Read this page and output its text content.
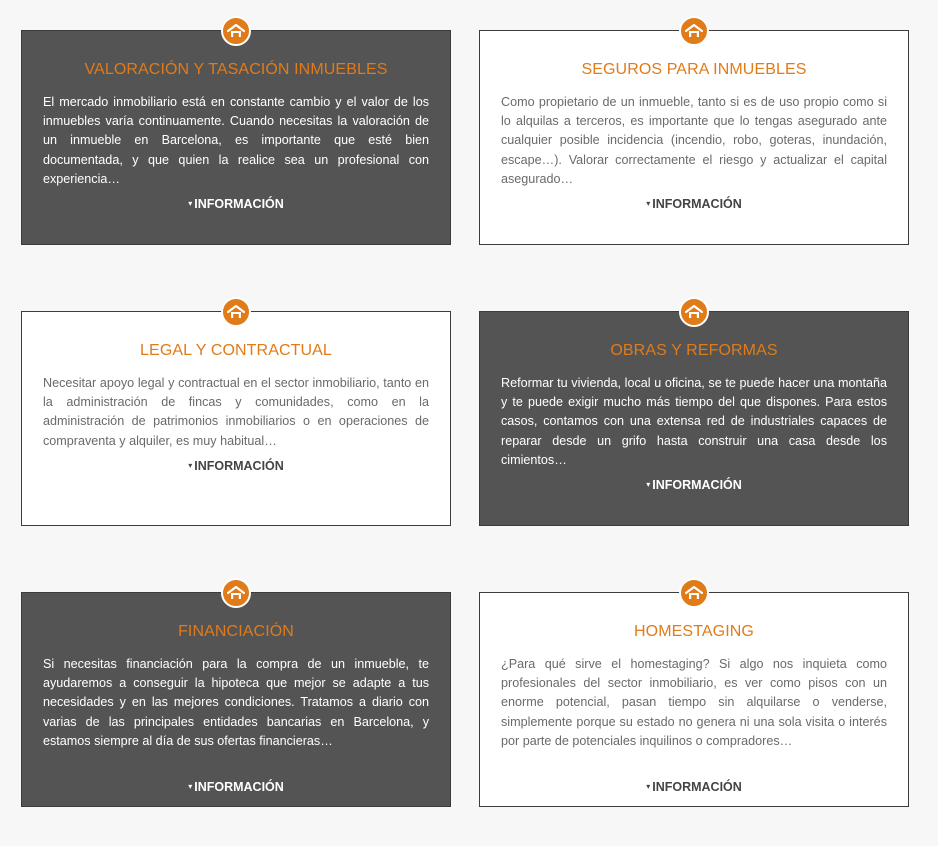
VALORACIÓN Y TASACIÓN INMUEBLES

El mercado inmobiliario está en constante cambio y el valor de los inmuebles varía continuamente. Cuando necesitas la valoración de un inmueble en Barcelona, es importante que esté bien documentada, y que quien la realice sea un profesional con experiencia…

▾ INFORMACIÓN
SEGUROS PARA INMUEBLES

Como propietario de un inmueble, tanto si es de uso propio como si lo alquilas a terceros, es importante que lo tengas asegurado ante cualquier posible incidencia (incendio, robo, goteras, inundación, escape…). Valorar correctamente el riesgo y actualizar el capital asegurado…

▾ INFORMACIÓN
LEGAL Y CONTRACTUAL

Necesitar apoyo legal y contractual en el sector inmobiliario, tanto en la administración de fincas y comunidades, como en la administración de patrimonios inmobiliarios o en operaciones de compraventa y alquiler, es muy habitual…

▾ INFORMACIÓN
OBRAS Y REFORMAS

Reformar tu vivienda, local u oficina, se te puede hacer una montaña y te puede exigir mucho más tiempo del que dispones. Para estos casos, contamos con una extensa red de industriales capaces de reparar desde un grifo hasta construir una casa desde los cimientos…

▾ INFORMACIÓN
FINANCIACIÓN

Si necesitas financiación para la compra de un inmueble, te ayudaremos a conseguir la hipoteca que mejor se adapte a tus necesidades y en las mejores condiciones. Tratamos a diario con varias de las principales entidades bancarias en Barcelona, y estamos siempre al día de sus ofertas financieras…

▾ INFORMACIÓN
HOMESTAGING

¿Para qué sirve el homestaging? Si algo nos inquieta como profesionales del sector inmobiliario, es ver como pisos con un enorme potencial, pasan tiempo sin alquilarse o venderse, simplemente porque su estado no genera ni una sola visita o interés por parte de potenciales inquilinos o compradores…

▾ INFORMACIÓN
